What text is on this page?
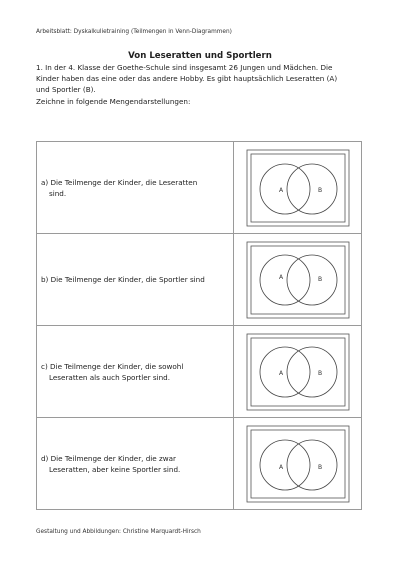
Arbeitsblatt: Dyskalkulietraining (Teilmengen in Venn-Diagrammen)
Von Leseratten und Sportlern

1. In der 4. Klasse der Goethe-Schule sind insgesamt 26 Jungen und Mädchen. Die

Kinder haben das eine oder das andere Hobby. Es gibt hauptsächlich Leseratten (A)

und Sportler (B).

Zeichne in folgende Mengendarstellungen:

a) Die Teilmenge der Kinder, die Leseratten
sind.	A B

b) Die Teilmenge der Kinder, die Sportler sind	A B

c) Die Teilmenge der Kinder, die sowohl
Leseratten als auch Sportler sind.	A B

d) Die Teilmenge der Kinder, die zwar
Leseratten, aber keine Sportler sind.	A B
Gestaltung und Abbildungen: Christine Marquardt-Hirsch
